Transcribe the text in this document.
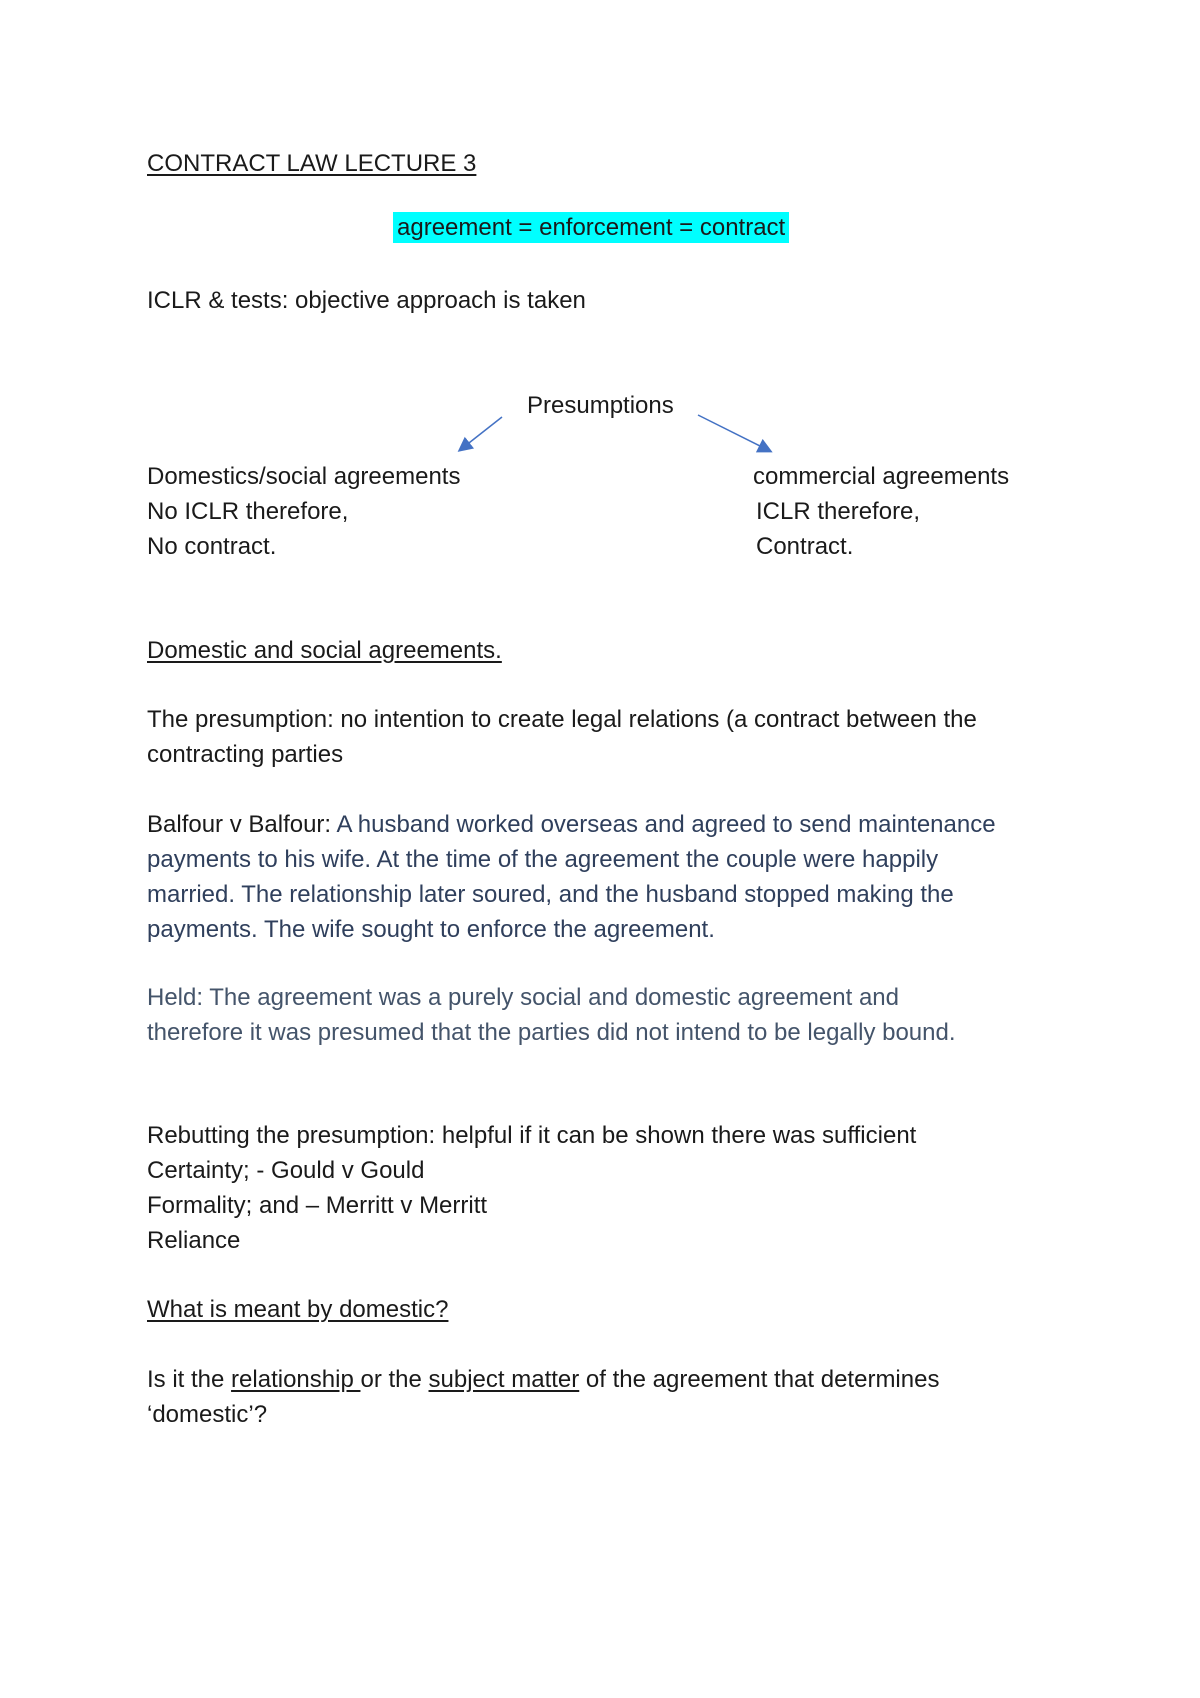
CONTRACT LAW LECTURE 3
agreement = enforcement = contract
ICLR & tests: objective approach is taken
Presumptions
Domestics/social agreements
No ICLR therefore,
No contract.
commercial agreements
ICLR therefore,
Contract.
Domestic and social agreements.
The presumption: no intention to create legal relations (a contract between the
contracting parties
Balfour v Balfour: A husband worked overseas and agreed to send maintenance
payments to his wife. At the time of the agreement the couple were happily
married. The relationship later soured, and the husband stopped making the
payments. The wife sought to enforce the agreement.
Held: The agreement was a purely social and domestic agreement and
therefore it was presumed that the parties did not intend to be legally bound.
Rebutting the presumption: helpful if it can be shown there was sufficient
Certainty; - Gould v Gould
Formality; and – Merritt v Merritt
Reliance
What is meant by domestic?
Is it the relationship or the subject matter of the agreement that determines
‘domestic’?
